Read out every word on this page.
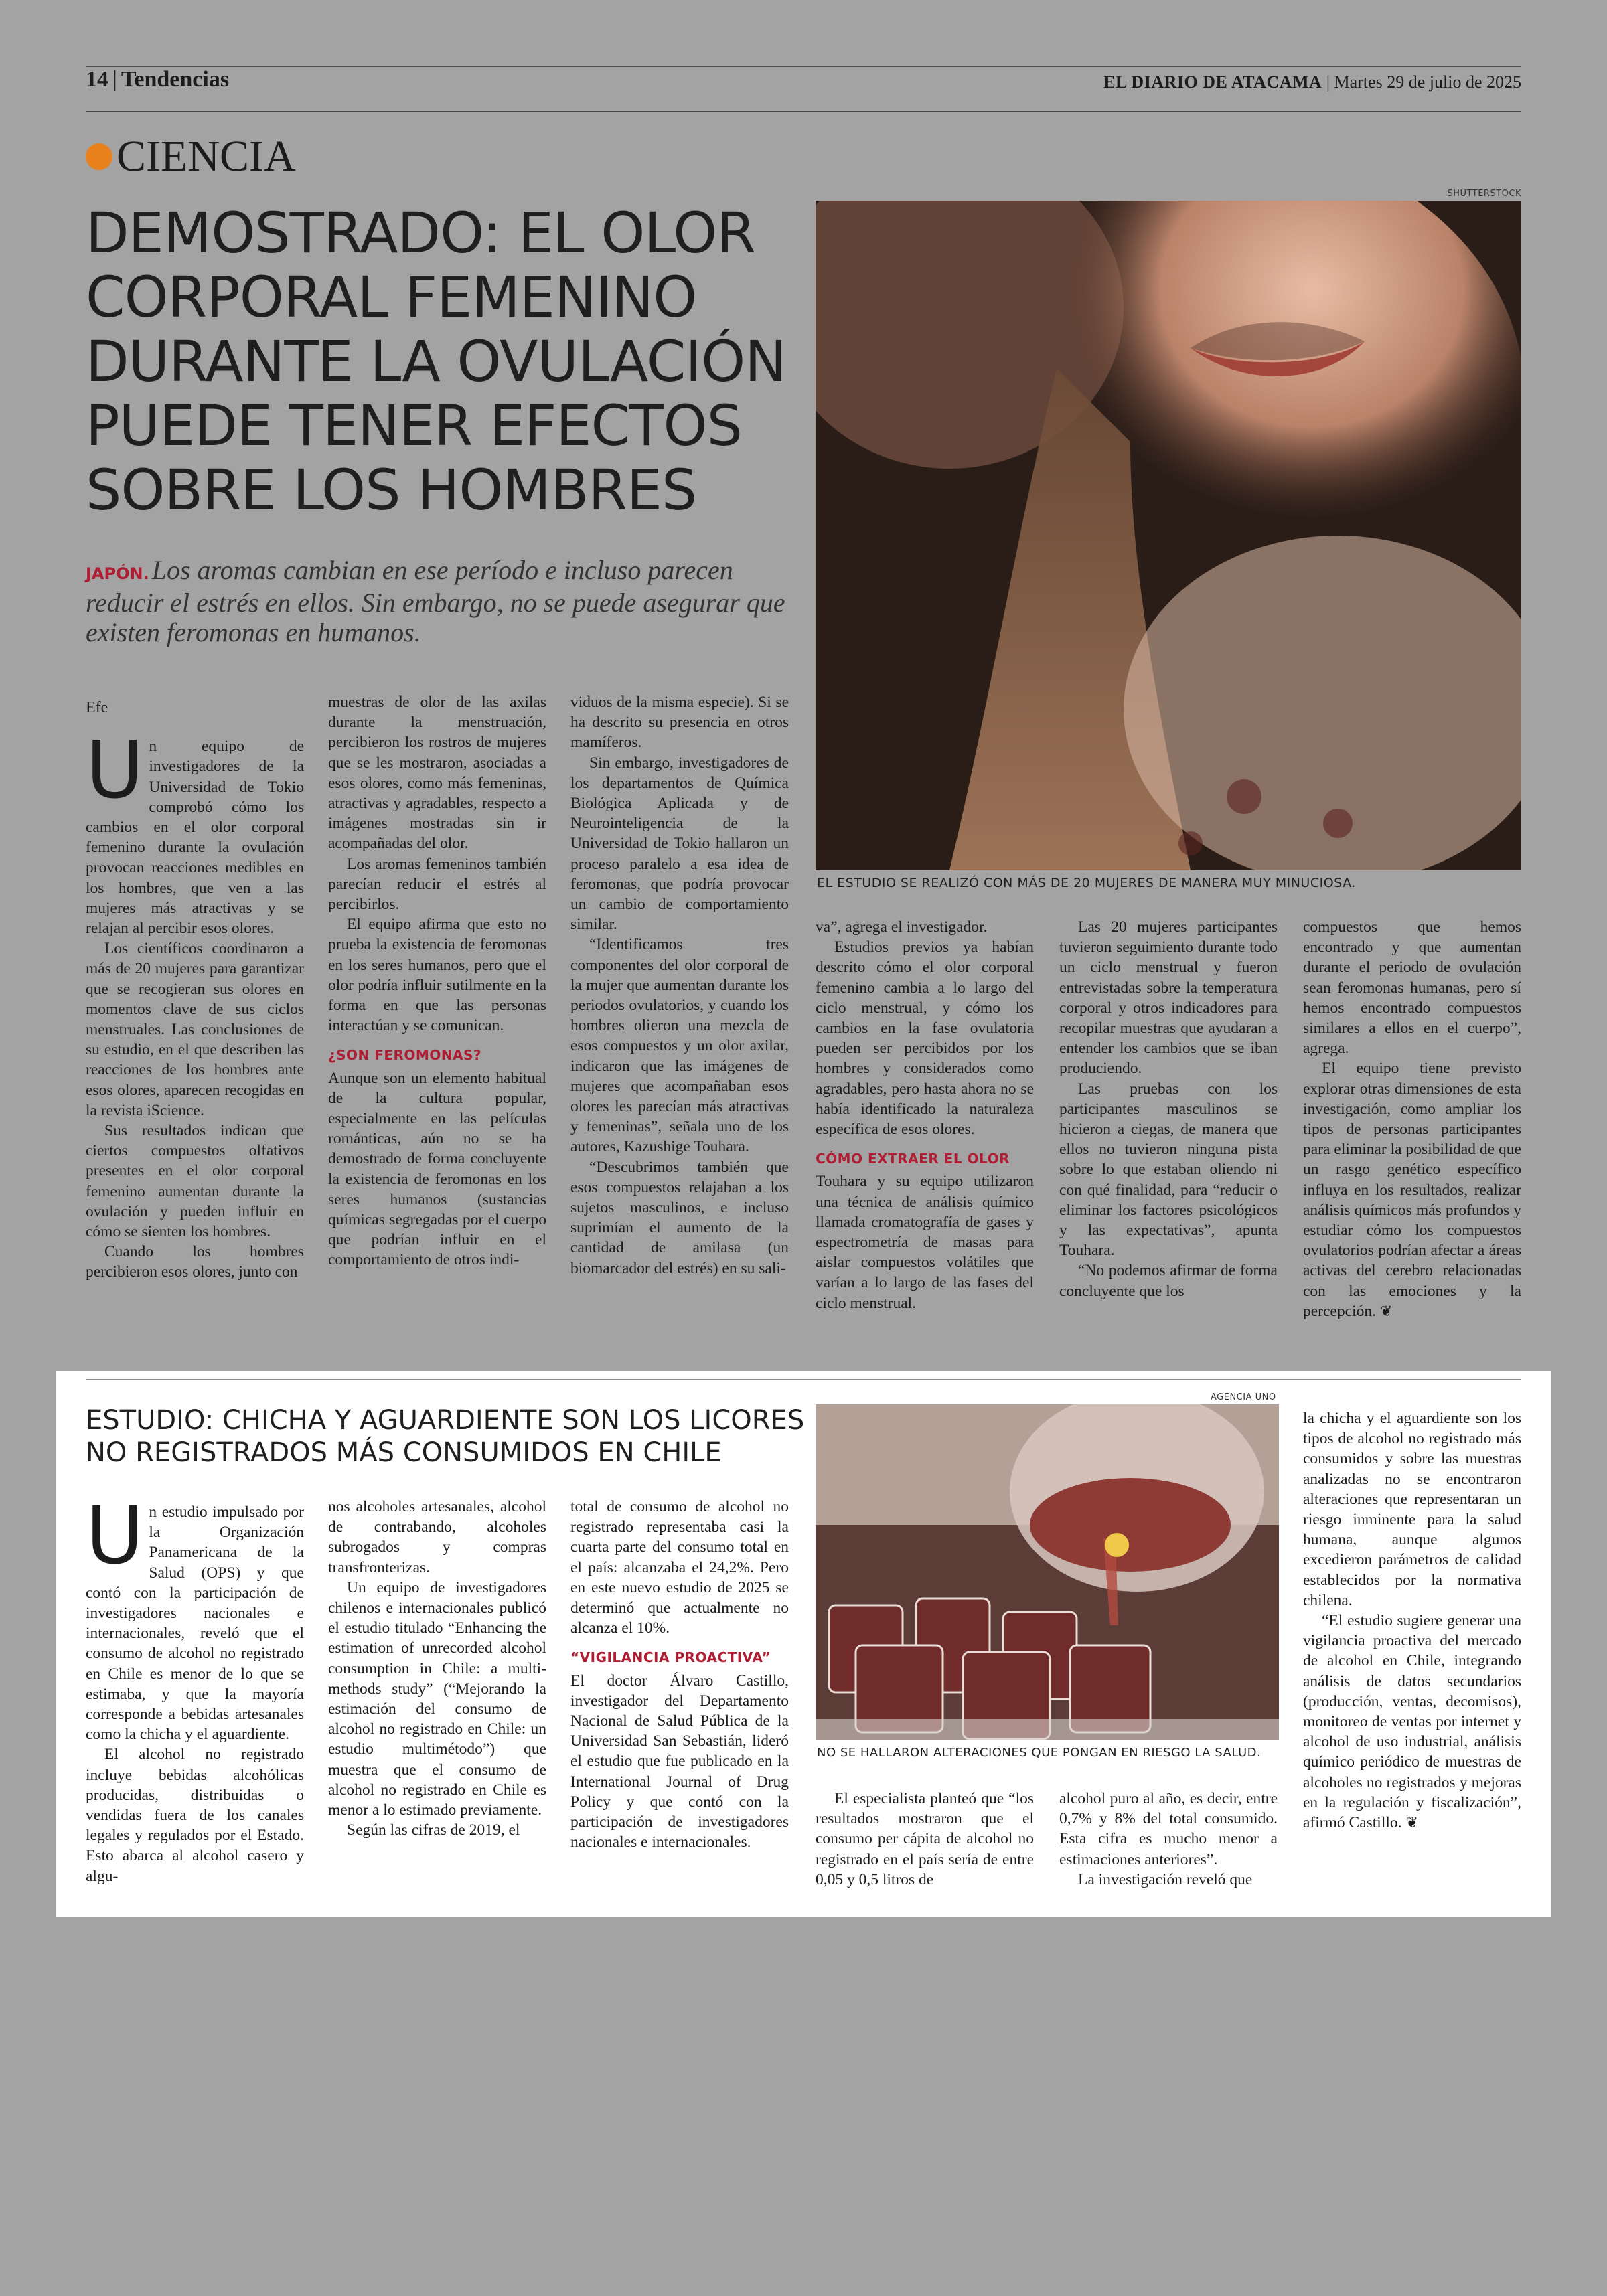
14 | Tendencias	EL DIARIO DE ATACAMA | Martes 29 de julio de 2025
CIENCIA
DEMOSTRADO: EL OLOR CORPORAL FEMENINO DURANTE LA OVULACIÓN PUEDE TENER EFECTOS SOBRE LOS HOMBRES
JAPÓN. Los aromas cambian en ese período e incluso parecen reducir el estrés en ellos. Sin embargo, no se puede asegurar que existen feromonas en humanos.
SHUTTERSTOCK
EL ESTUDIO SE REALIZÓ CON MÁS DE 20 MUJERES DE MANERA MUY MINUCIOSA.
Efe

Un equipo de investigadores de la Universidad de Tokio comprobó cómo los cambios en el olor corporal femenino durante la ovulación provocan reacciones medibles en los hombres, que ven a las mujeres más atractivas y se relajan al percibir esos olores.

Los científicos coordinaron a más de 20 mujeres para garantizar que se recogieran sus olores en momentos clave de sus ciclos menstruales. Las conclusiones de su estudio, en el que describen las reacciones de los hombres ante esos olores, aparecen recogidas en la revista iScience.

Sus resultados indican que ciertos compuestos olfativos presentes en el olor corporal femenino aumentan durante la ovulación y pueden influir en cómo se sienten los hombres.

Cuando los hombres percibieron esos olores, junto con

muestras de olor de las axilas durante la menstruación, percibieron los rostros de mujeres que se les mostraron, asociadas a esos olores, como más femeninas, atractivas y agradables, respecto a imágenes mostradas sin ir acompañadas del olor.

Los aromas femeninos también parecían reducir el estrés al percibirlos.

El equipo afirma que esto no prueba la existencia de feromonas en los seres humanos, pero que el olor podría influir sutilmente en la forma en que las personas interactúan y se comunican.

¿SON FEROMONAS?

Aunque son un elemento habitual de la cultura popular, especialmente en las películas románticas, aún no se ha demostrado de forma concluyente la existencia de feromonas en los seres humanos (sustancias químicas segregadas por el cuerpo que podrían influir en el comportamiento de otros indi-

viduos de la misma especie). Si se ha descrito su presencia en otros mamíferos.

Sin embargo, investigadores de los departamentos de Química Biológica Aplicada y de Neurointeligencia de la Universidad de Tokio hallaron un proceso paralelo a esa idea de feromonas, que podría provocar un cambio de comportamiento similar.

“Identificamos tres componentes del olor corporal de la mujer que aumentan durante los periodos ovulatorios, y cuando los hombres olieron una mezcla de esos compuestos y un olor axilar, indicaron que las imágenes de mujeres que acompañaban esos olores les parecían más atractivas y femeninas”, señala uno de los autores, Kazushige Touhara.

“Descubrimos también que esos compuestos relajaban a los sujetos masculinos, e incluso suprimían el aumento de la cantidad de amilasa (un biomarcador del estrés) en su sali-

va”, agrega el investigador.

Estudios previos ya habían descrito cómo el olor corporal femenino cambia a lo largo del ciclo menstrual, y cómo los cambios en la fase ovulatoria pueden ser percibidos por los hombres y considerados como agradables, pero hasta ahora no se había identificado la naturaleza específica de esos olores.

CÓMO EXTRAER EL OLOR

Touhara y su equipo utilizaron una técnica de análisis químico llamada cromatografía de gases y espectrometría de masas para aislar compuestos volátiles que varían a lo largo de las fases del ciclo menstrual.

Las 20 mujeres participantes tuvieron seguimiento durante todo un ciclo menstrual y fueron entrevistadas sobre la temperatura corporal y otros indicadores para recopilar muestras que ayudaran a entender los cambios que se iban produciendo.

Las pruebas con los participantes masculinos se hicieron a ciegas, de manera que ellos no tuvieron ninguna pista sobre lo que estaban oliendo ni con qué finalidad, para “reducir o eliminar los factores psicológicos y las expectativas”, apunta Touhara.

“No podemos afirmar de forma concluyente que los

compuestos que hemos encontrado y que aumentan durante el periodo de ovulación sean feromonas humanas, pero sí hemos encontrado compuestos similares a ellos en el cuerpo”, agrega.

El equipo tiene previsto explorar otras dimensiones de esta investigación, como ampliar los tipos de personas participantes para eliminar la posibilidad de que un rasgo genético específico influya en los resultados, realizar análisis químicos más profundos y estudiar cómo los compuestos ovulatorios podrían afectar a áreas activas del cerebro relacionadas con las emociones y la percepción. ❦

ESTUDIO: CHICHA Y AGUARDIENTE SON LOS LICORES NO REGISTRADOS MÁS CONSUMIDOS EN CHILE
AGENCIA UNO
NO SE HALLARON ALTERACIONES QUE PONGAN EN RIESGO LA SALUD.

Un estudio impulsado por la Organización Panamericana de la Salud (OPS) y que contó con la participación de investigadores nacionales e internacionales, reveló que el consumo de alcohol no registrado en Chile es menor de lo que se estimaba, y que la mayoría corresponde a bebidas artesanales como la chicha y el aguardiente.

El alcohol no registrado incluye bebidas alcohólicas producidas, distribuidas o vendidas fuera de los canales legales y regulados por el Estado. Esto abarca al alcohol casero y algu-

nos alcoholes artesanales, alcohol de contrabando, alcoholes subrogados y compras transfronterizas.

Un equipo de investigadores chilenos e internacionales publicó el estudio titulado “Enhancing the estimation of unrecorded alcohol consumption in Chile: a multi-methods study” (“Mejorando la estimación del consumo de alcohol no registrado en Chile: un estudio multimétodo”) que muestra que el consumo de alcohol no registrado en Chile es menor a lo estimado previamente.

Según las cifras de 2019, el

total de consumo de alcohol no registrado representaba casi la cuarta parte del consumo total en el país: alcanzaba el 24,2%. Pero en este nuevo estudio de 2025 se determinó que actualmente no alcanza el 10%.

“VIGILANCIA PROACTIVA”

El doctor Álvaro Castillo, investigador del Departamento Nacional de Salud Pública de la Universidad San Sebastián, lideró el estudio que fue publicado en la International Journal of Drug Policy y que contó con la participación de investigadores nacionales e internacionales.

El especialista planteó que “los resultados mostraron que el consumo per cápita de alcohol no registrado en el país sería de entre 0,05 y 0,5 litros de

alcohol puro al año, es decir, entre 0,7% y 8% del total consumido. Esta cifra es mucho menor a estimaciones anteriores”.

La investigación reveló que

la chicha y el aguardiente son los tipos de alcohol no registrado más consumidos y sobre las muestras analizadas no se encontraron alteraciones que representaran un riesgo inminente para la salud humana, aunque algunos excedieron parámetros de calidad establecidos por la normativa chilena.

“El estudio sugiere generar una vigilancia proactiva del mercado de alcohol en Chile, integrando análisis de datos secundarios (producción, ventas, decomisos), monitoreo de ventas por internet y alcohol de uso industrial, análisis químico periódico de muestras de alcoholes no registrados y mejoras en la regulación y fiscalización”, afirmó Castillo. ❦
